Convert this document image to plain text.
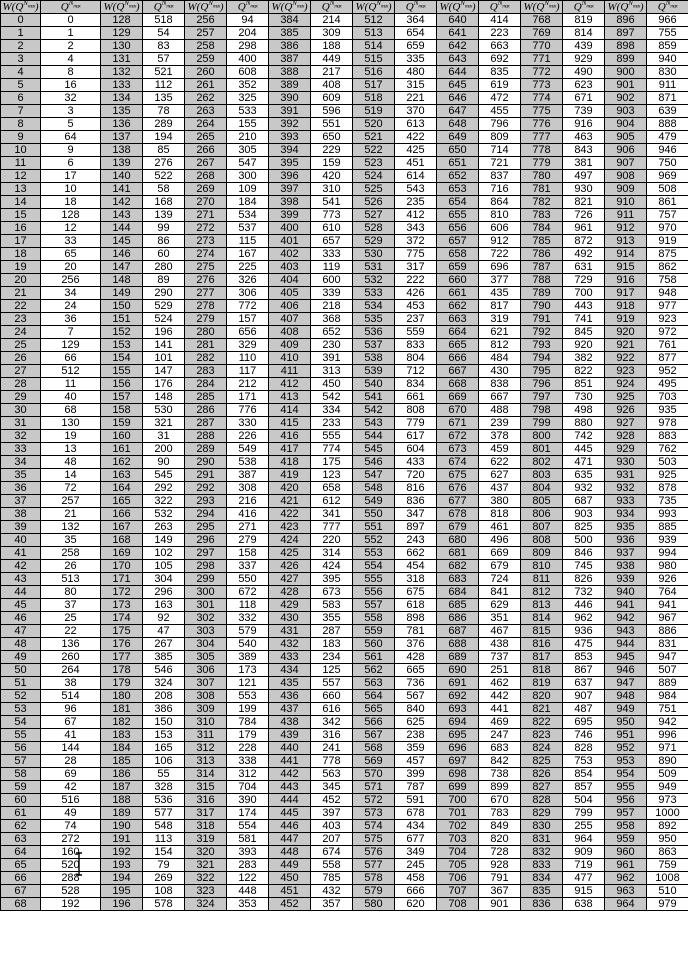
$W(Q^{N_{max}})$	$Q^{N_{max}}$	$W(Q^{N_{max}})$	$Q^{N_{max}}$	$W(Q^{N_{max}})$	$Q^{N_{max}}$	$W(Q^{N_{max}})$	$Q^{N_{max}}$	$W(Q^{N_{max}})$	$Q^{N_{max}}$	$W(Q^{N_{max}})$	$Q^{N_{max}}$	$W(Q^{N_{max}})$	$Q^{N_{max}}$	$W(Q^{N_{max}})$	$Q^{N_{max}}$
0	0	128	518	256	94	384	214	512	364	640	414	768	819	896	966
1	1	129	54	257	204	385	309	513	654	641	223	769	814	897	755
2	2	130	83	258	298	386	188	514	659	642	663	770	439	898	859
3	4	131	57	259	400	387	449	515	335	643	692	771	929	899	940
4	8	132	521	260	608	388	217	516	480	644	835	772	490	900	830
5	16	133	112	261	352	389	408	517	315	645	619	773	623	901	911
6	32	134	135	262	325	390	609	518	221	646	472	774	671	902	871
7	3	135	78	263	533	391	596	519	370	647	455	775	739	903	639
8	5	136	289	264	155	392	551	520	613	648	796	776	916	904	888
9	64	137	194	265	210	393	650	521	422	649	809	777	463	905	479
10	9	138	85	266	305	394	229	522	425	650	714	778	843	906	946
11	6	139	276	267	547	395	159	523	451	651	721	779	381	907	750
12	17	140	522	268	300	396	420	524	614	652	837	780	497	908	969
13	10	141	58	269	109	397	310	525	543	653	716	781	930	909	508
14	18	142	168	270	184	398	541	526	235	654	864	782	821	910	861
15	128	143	139	271	534	399	773	527	412	655	810	783	726	911	757
16	12	144	99	272	537	400	610	528	343	656	606	784	961	912	970
17	33	145	86	273	115	401	657	529	372	657	912	785	872	913	919
18	65	146	60	274	167	402	333	530	775	658	722	786	492	914	875
19	20	147	280	275	225	403	119	531	317	659	696	787	631	915	862
20	256	148	89	276	326	404	600	532	222	660	377	788	729	916	758
21	34	149	290	277	306	405	339	533	426	661	435	789	700	917	948
22	24	150	529	278	772	406	218	534	453	662	817	790	443	918	977
23	36	151	524	279	157	407	368	535	237	663	319	791	741	919	923
24	7	152	196	280	656	408	652	536	559	664	621	792	845	920	972
25	129	153	141	281	329	409	230	537	833	665	812	793	920	921	761
26	66	154	101	282	110	410	391	538	804	666	484	794	382	922	877
27	512	155	147	283	117	411	313	539	712	667	430	795	822	923	952
28	11	156	176	284	212	412	450	540	834	668	838	796	851	924	495
29	40	157	148	285	171	413	542	541	661	669	667	797	730	925	703
30	68	158	530	286	776	414	334	542	808	670	488	798	498	926	935
31	130	159	321	287	330	415	233	543	779	671	239	799	880	927	978
32	19	160	31	288	226	416	555	544	617	672	378	800	742	928	883
33	13	161	200	289	549	417	774	545	604	673	459	801	445	929	762
34	48	162	90	290	538	418	175	546	433	674	622	802	471	930	503
35	14	163	545	291	387	419	123	547	720	675	627	803	635	931	925
36	72	164	292	292	308	420	658	548	816	676	437	804	932	932	878
37	257	165	322	293	216	421	612	549	836	677	380	805	687	933	735
38	21	166	532	294	416	422	341	550	347	678	818	806	903	934	993
39	132	167	263	295	271	423	777	551	897	679	461	807	825	935	885
40	35	168	149	296	279	424	220	552	243	680	496	808	500	936	939
41	258	169	102	297	158	425	314	553	662	681	669	809	846	937	994
42	26	170	105	298	337	426	424	554	454	682	679	810	745	938	980
43	513	171	304	299	550	427	395	555	318	683	724	811	826	939	926
44	80	172	296	300	672	428	673	556	675	684	841	812	732	940	764
45	37	173	163	301	118	429	583	557	618	685	629	813	446	941	941
46	25	174	92	302	332	430	355	558	898	686	351	814	962	942	967
47	22	175	47	303	579	431	287	559	781	687	467	815	936	943	886
48	136	176	267	304	540	432	183	560	376	688	438	816	475	944	831
49	260	177	385	305	389	433	234	561	428	689	737	817	853	945	947
50	264	178	546	306	173	434	125	562	665	690	251	818	867	946	507
51	38	179	324	307	121	435	557	563	736	691	462	819	637	947	889
52	514	180	208	308	553	436	660	564	567	692	442	820	907	948	984
53	96	181	386	309	199	437	616	565	840	693	441	821	487	949	751
54	67	182	150	310	784	438	342	566	625	694	469	822	695	950	942
55	41	183	153	311	179	439	316	567	238	695	247	823	746	951	996
56	144	184	165	312	228	440	241	568	359	696	683	824	828	952	971
57	28	185	106	313	338	441	778	569	457	697	842	825	753	953	890
58	69	186	55	314	312	442	563	570	399	698	738	826	854	954	509
59	42	187	328	315	704	443	345	571	787	699	899	827	857	955	949
60	516	188	536	316	390	444	452	572	591	700	670	828	504	956	973
61	49	189	577	317	174	445	397	573	678	701	783	829	799	957	1000
62	74	190	548	318	554	446	403	574	434	702	849	830	255	958	892
63	272	191	113	319	581	447	207	575	677	703	820	831	964	959	950
64	160	192	154	320	393	448	674	576	349	704	728	832	909	960	863
65	520	193	79	321	283	449	558	577	245	705	928	833	719	961	759
66	288	194	269	322	122	450	785	578	458	706	791	834	477	962	1008
67	528	195	108	323	448	451	432	579	666	707	367	835	915	963	510
68	192	196	578	324	353	452	357	580	620	708	901	836	638	964	979
